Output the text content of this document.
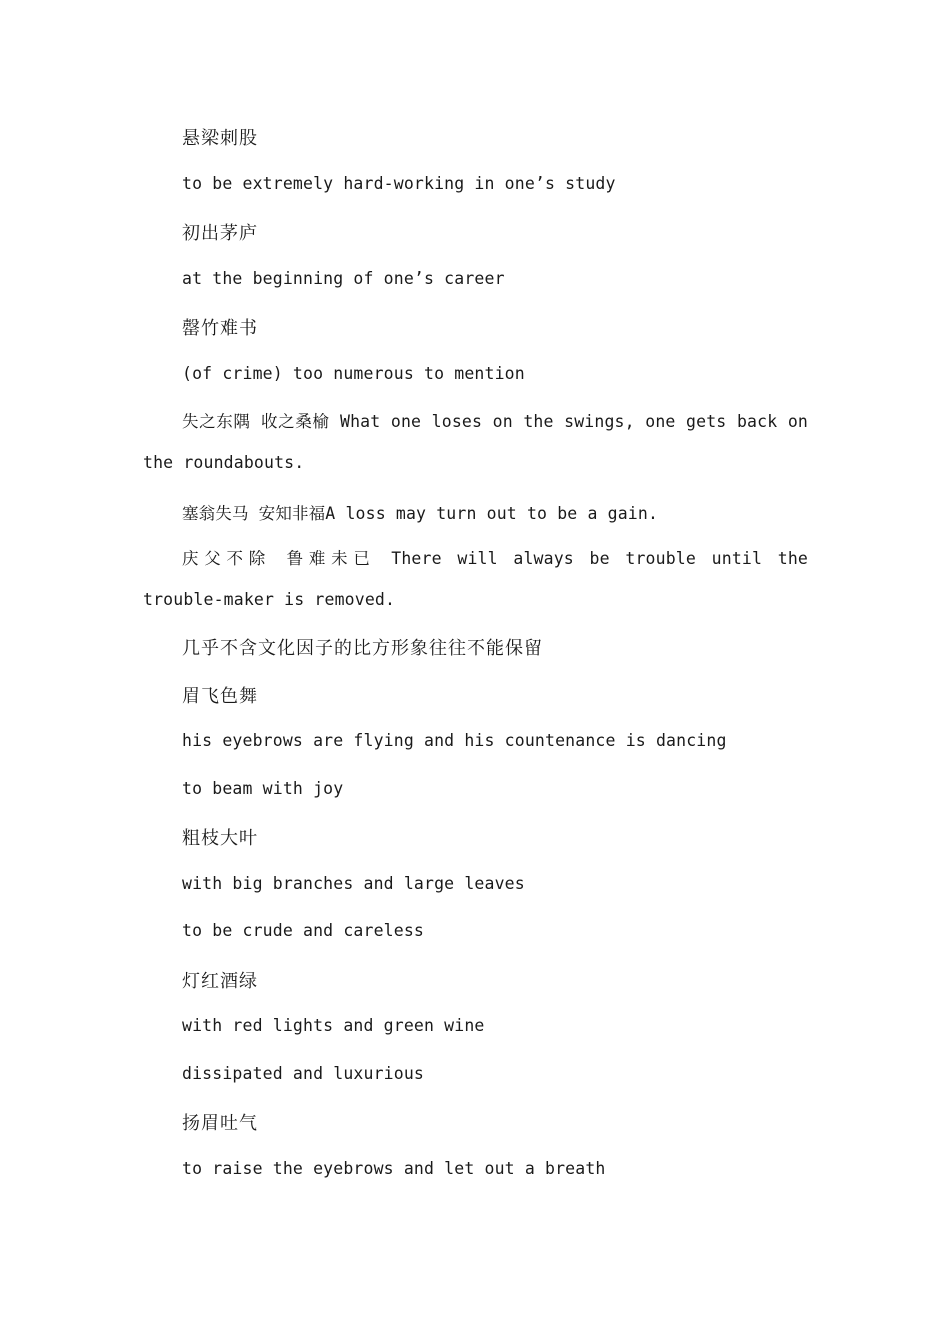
悬梁刺股

to be extremely hard-working in one’s study

初出茅庐

at the beginning of one’s career

罄竹难书

(of crime) too numerous to mention

失之东隅 收之桑榆 What one loses on the swings, one gets back on the roundabouts.

塞翁失马 安知非福A loss may turn out to be a gain.

庆父不除 鲁难未已 There will always be trouble until the trouble-maker is removed.

几乎不含文化因子的比方形象往往不能保留

眉飞色舞

his eyebrows are flying and his countenance is dancing

to beam with joy

粗枝大叶

with big branches and large leaves

to be crude and careless

灯红酒绿

with red lights and green wine

dissipated and luxurious

扬眉吐气

to raise the eyebrows and let out a breath
